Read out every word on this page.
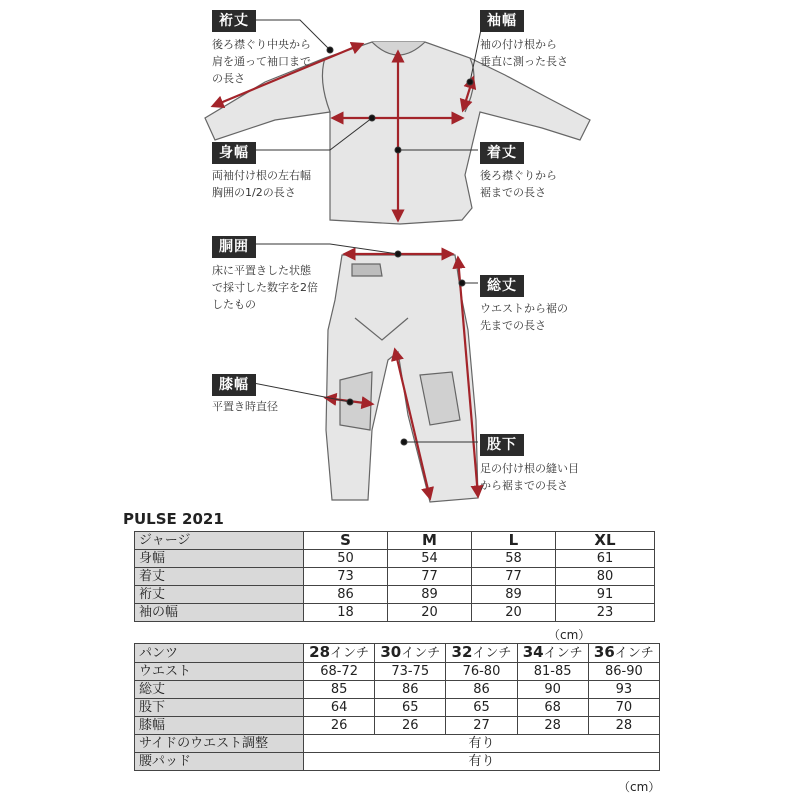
裄丈
後ろ襟ぐり中央から
肩を通って袖口まで
の長さ
袖幅
袖の付け根から
垂直に測った長さ
身幅
両袖付け根の左右幅
胸囲の1/2の長さ
着丈
後ろ襟ぐりから
裾までの長さ
胴囲
床に平置きした状態
で採寸した数字を2倍
したもの
総丈
ウエストから裾の
先までの長さ
膝幅
平置き時直径
股下
足の付け根の縫い目
から裾までの長さ
PULSE 2021
ジャージ	S	M	L	XL
身幅	50	54	58	61
着丈	73	77	77	80
裄丈	86	89	89	91
袖の幅	18	20	20	23
（cm）
パンツ	28インチ	30インチ	32インチ	34インチ	36インチ
ウエスト	68-72	73-75	76-80	81-85	86-90
総丈	85	86	86	90	93
股下	64	65	65	68	70
膝幅	26	26	27	28	28
サイドのウエスト調整	有り				
腰パッド	有り				
（cm）
